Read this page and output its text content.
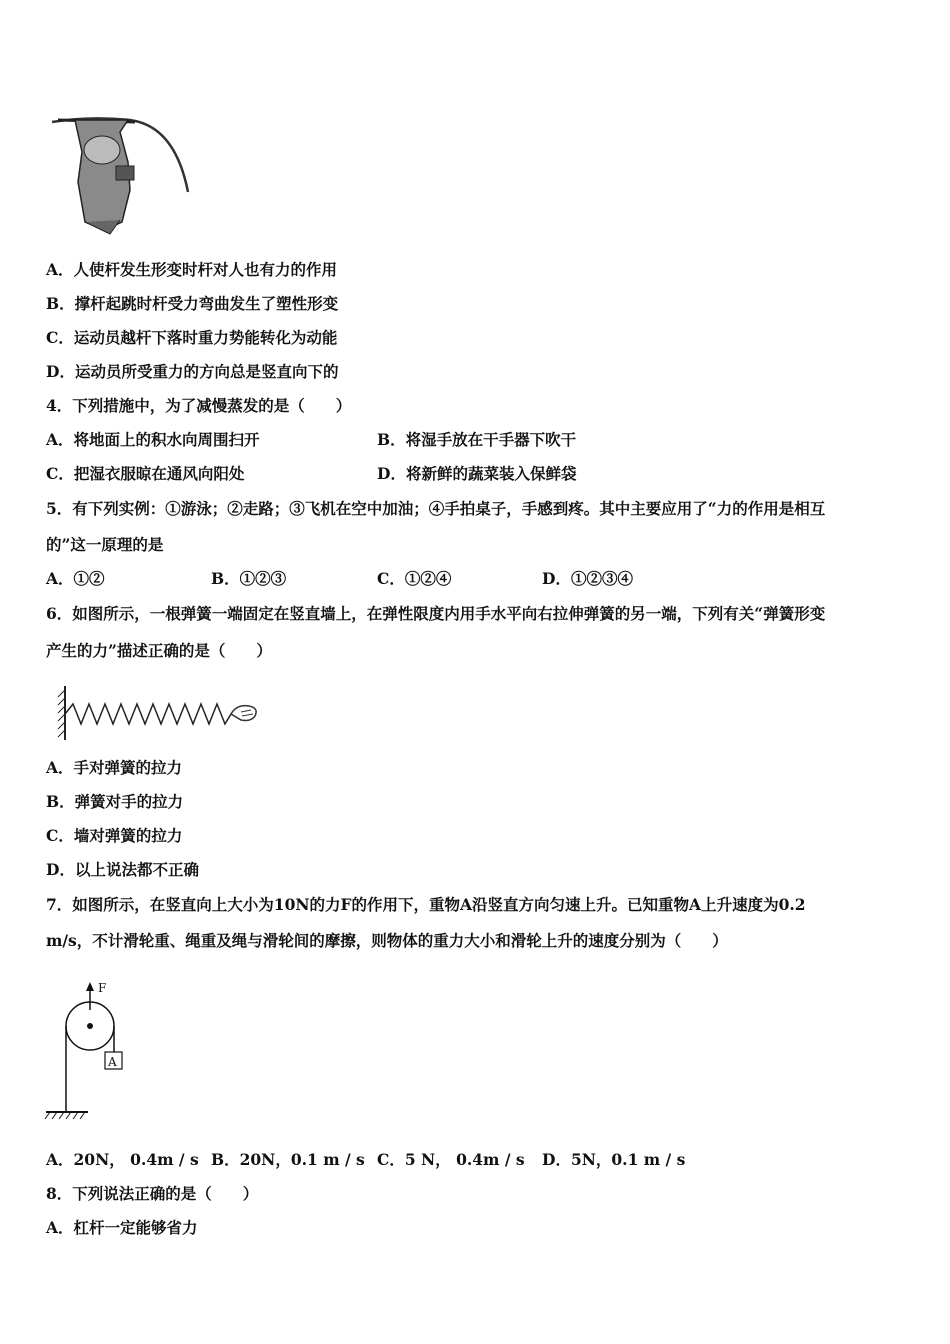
A．人使杆发生形变时杆对人也有力的作用
B．撑杆起跳时杆受力弯曲发生了塑性形变
C．运动员越杆下落时重力势能转化为动能
D．运动员所受重力的方向总是竖直向下的
4．下列措施中，为了减慢蒸发的是（　　）
A．将地面上的积水向周围扫开	B．将湿手放在干手器下吹干
C．把湿衣服晾在通风向阳处	D．将新鲜的蔬菜装入保鲜袋
5．有下列实例：①游泳；②走路；③飞机在空中加油；④手拍桌子，手感到疼。其中主要应用了“力的作用是相互
的”这一原理的是
A．①②	B．①②③	C．①②④	D．①②③④
6．如图所示，一根弹簧一端固定在竖直墙上，在弹性限度内用手水平向右拉伸弹簧的另一端，下列有关“弹簧形变
产生的力”描述正确的是（　　）
A．手对弹簧的拉力
B．弹簧对手的拉力
C．墙对弹簧的拉力
D．以上说法都不正确
7．如图所示，在竖直向上大小为10N的力F的作用下，重物A沿竖直方向匀速上升。已知重物A上升速度为0.2
m/s，不计滑轮重、绳重及绳与滑轮间的摩擦，则物体的重力大小和滑轮上升的速度分别为（　　）
F
A
A．20N， 0.4m / s B．20N，0.1 m / s C．5 N， 0.4m / s D．5N，0.1 m / s
8．下列说法正确的是（　　）
A．杠杆一定能够省力
